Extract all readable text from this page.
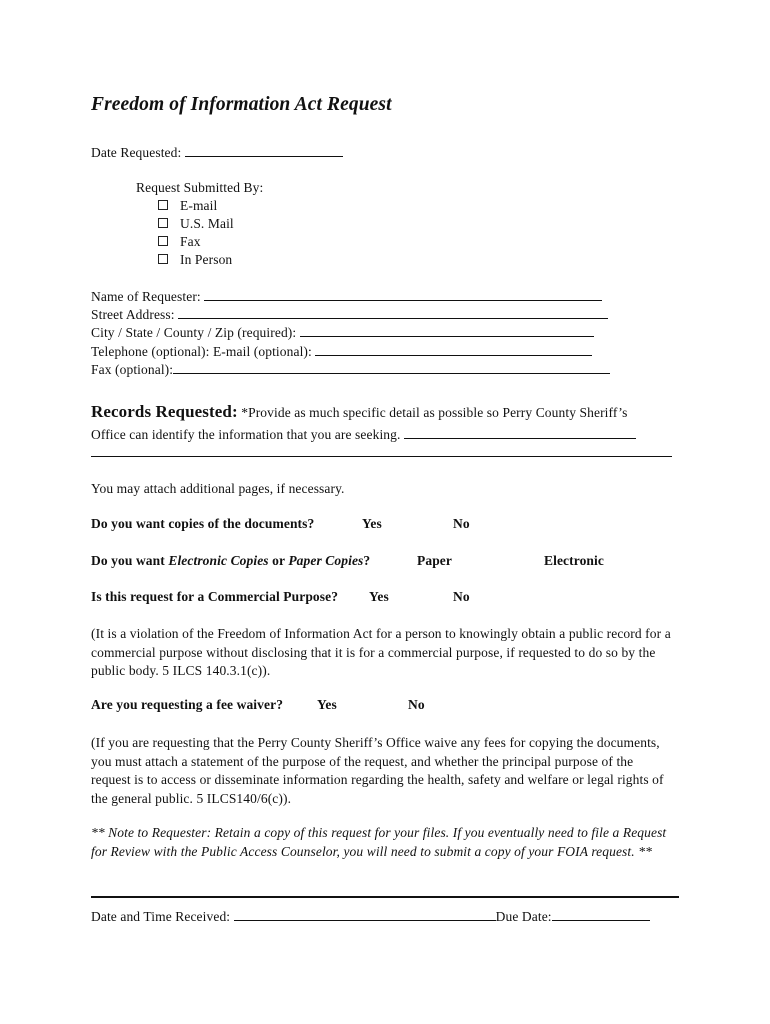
Freedom of Information Act Request
Date Requested:
Request Submitted By:
E-mail
U.S. Mail
Fax
In Person
Name of Requester:
Street Address:
City / State / County / Zip (required):
Telephone (optional): E-mail (optional):
Fax (optional):
Records Requested: *Provide as much specific detail as possible so Perry County Sheriff’s
Office can identify the information that you are seeking.
You may attach additional pages, if necessary.
Do you want copies of the documents?	Yes	No
Do you want Electronic Copies or Paper Copies?	Paper	Electronic
Is this request for a Commercial Purpose? Yes	No
(It is a violation of the Freedom of Information Act for a person to knowingly obtain a public record for a commercial purpose without disclosing that it is for a commercial purpose, if requested to do so by the public body. 5 ILCS 140.3.1(c)).
Are you requesting a fee waiver?	Yes	No
(If you are requesting that the Perry County Sheriff’s Office waive any fees for copying the documents, you must attach a statement of the purpose of the request, and whether the principal purpose of the request is to access or disseminate information regarding the health, safety and welfare or legal rights of the general public. 5 ILCS140/6(c)).
** Note to Requester: Retain a copy of this request for your files. If you eventually need to file a Request for Review with the Public Access Counselor, you will need to submit a copy of your FOIA request. **
Date and Time Received:	Due Date:
